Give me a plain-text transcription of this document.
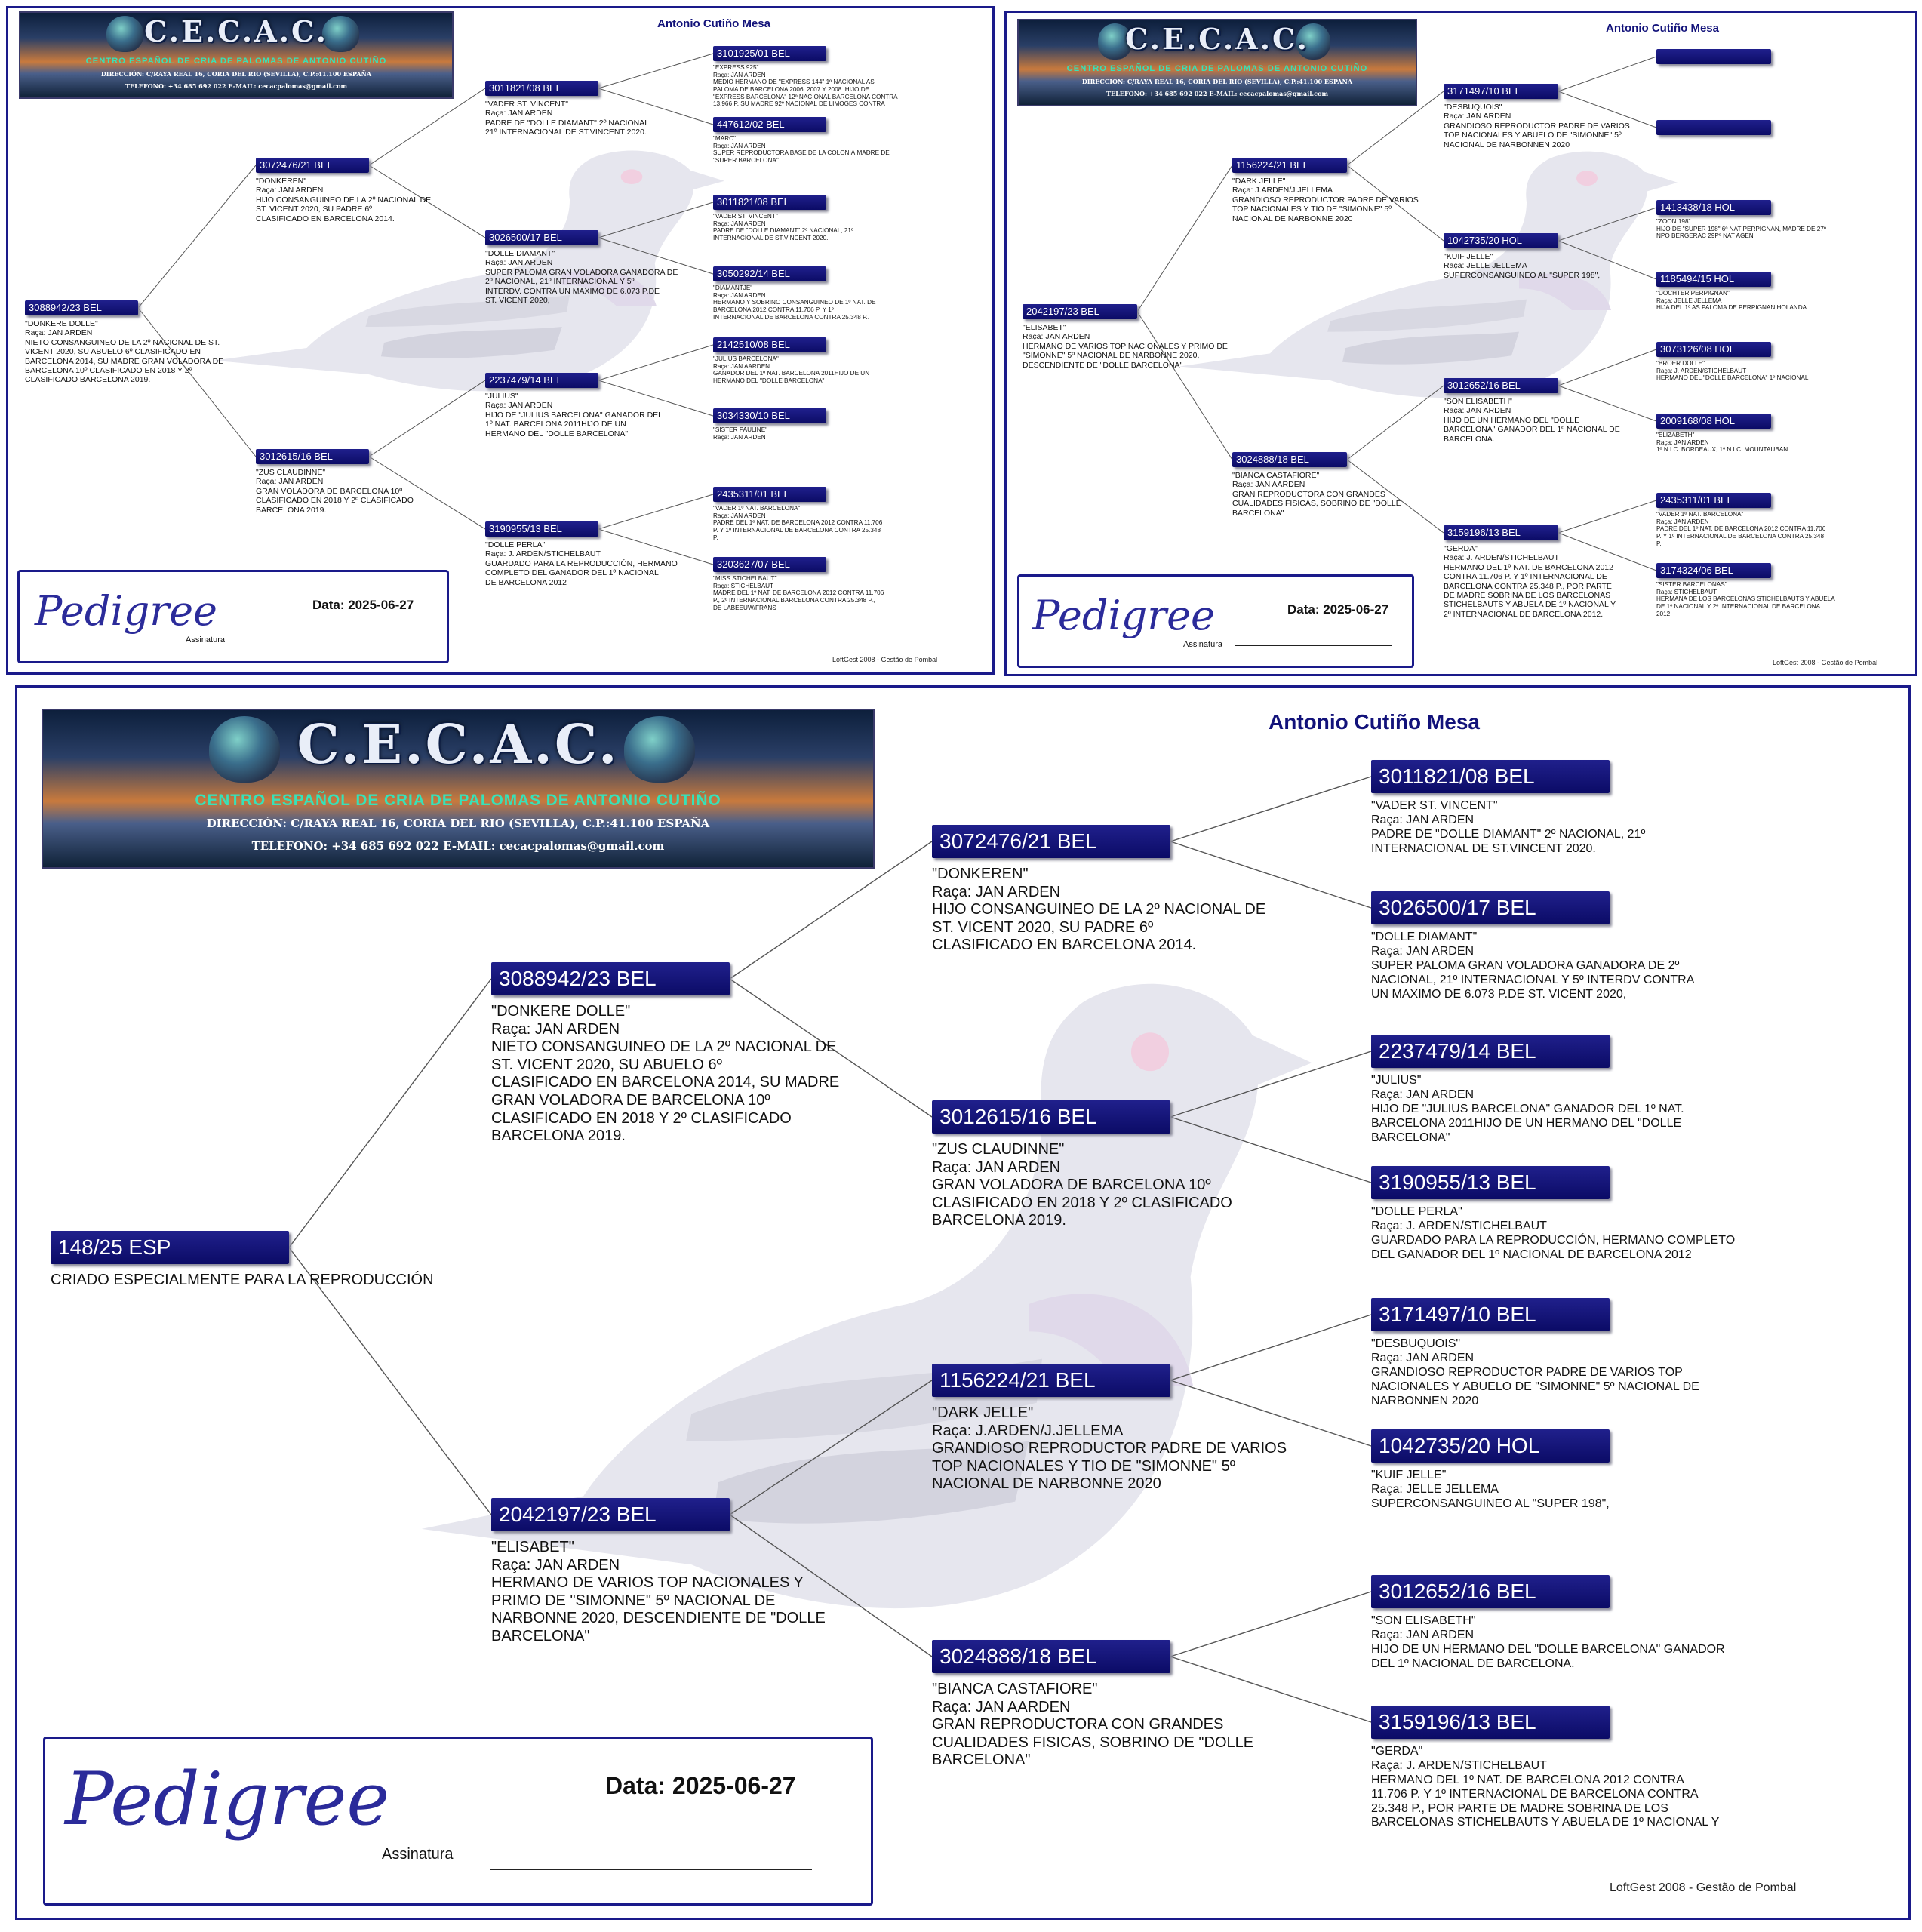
C.E.C.A.C.
CENTRO ESPAÑOL DE CRIA DE PALOMAS DE ANTONIO CUTIÑO
DIRECCIÓN: C/RAYA REAL 16, CORIA DEL RIO (SEVILLA), C.P.:41.100 ESPAÑA
TELEFONO: +34 685 692 022 E-MAIL: cecacpalomas@gmail.com
Antonio Cutiño Mesa
3088942/23 BEL
"DONKERE DOLLE"
Raça: JAN ARDEN
NIETO CONSANGUINEO DE LA 2º NACIONAL DE ST.
VICENT 2020, SU ABUELO 6º CLASIFICADO EN
BARCELONA 2014, SU MADRE GRAN VOLADORA DE
BARCELONA 10º CLASIFICADO EN 2018 Y 2º
CLASIFICADO BARCELONA 2019.
3072476/21 BEL
"DONKEREN"
Raça: JAN ARDEN
HIJO CONSANGUINEO DE LA 2º NACIONAL DE
ST. VICENT 2020, SU PADRE 6º
CLASIFICADO EN BARCELONA 2014.
3012615/16 BEL
"ZUS CLAUDINNE"
Raça: JAN ARDEN
GRAN VOLADORA DE BARCELONA 10º
CLASIFICADO EN 2018 Y 2º CLASIFICADO
BARCELONA 2019.
3011821/08 BEL
"VADER ST. VINCENT"
Raça: JAN ARDEN
PADRE DE "DOLLE DIAMANT" 2º NACIONAL,
21º INTERNACIONAL DE ST.VINCENT 2020.
3026500/17 BEL
"DOLLE DIAMANT"
Raça: JAN ARDEN
SUPER PALOMA GRAN VOLADORA GANADORA DE
2º NACIONAL, 21º INTERNACIONAL Y 5º
INTERDV. CONTRA UN MAXIMO DE 6.073 P.DE
ST. VICENT 2020,
2237479/14 BEL
"JULIUS"
Raça: JAN ARDEN
HIJO DE "JULIUS BARCELONA" GANADOR DEL
1º NAT. BARCELONA 2011HIJO DE UN
HERMANO DEL "DOLLE BARCELONA"
3190955/13 BEL
"DOLLE PERLA"
Raça: J. ARDEN/STICHELBAUT
GUARDADO PARA LA REPRODUCCIÓN, HERMANO
COMPLETO DEL GANADOR DEL 1º NACIONAL
DE BARCELONA 2012
3101925/01 BEL
"EXPRESS 925"
Raça: JAN ARDEN
MEDIO HERMANO DE "EXPRESS 144" 1º NACIONAL AS
PALOMA DE BARCELONA 2006, 2007 Y 2008. HIJO DE
"EXPRESS BARCELONA" 12º NACIONAL BARCELONA CONTRA
13.966 P. SU MADRE 92º NACIONAL DE LIMOGES CONTRA
447612/02 BEL
"MARC"
Raça: JAN ARDEN
SUPER REPRODUCTORA BASE DE LA COLONIA.MADRE DE
"SUPER BARCELONA"
3011821/08 BEL
"VADER ST. VINCENT"
Raça: JAN ARDEN
PADRE DE "DOLLE DIAMANT" 2º NACIONAL, 21º
INTERNACIONAL DE ST.VINCENT 2020.
3050292/14 BEL
"DIAMANTJE"
Raça: JAN ARDEN
HERMANO Y SOBRINO CONSANGUINEO DE 1º NAT. DE
BARCELONA 2012 CONTRA 11.706 P. Y 1º
INTERNACIONAL DE BARCELONA CONTRA 25.348 P..
2142510/08 BEL
"JULIUS BARCELONA"
Raça: JAN AARDEN
GANADOR DEL 1º NAT. BARCELONA 2011HIJO DE UN
HERMANO DEL "DOLLE BARCELONA"
3034330/10 BEL
"SISTER PAULINE"
Raça: JAN ARDEN
2435311/01 BEL
"VADER 1º NAT. BARCELONA"
Raça: JAN ARDEN
PADRE DEL 1º NAT. DE BARCELONA 2012 CONTRA 11.706
P. Y 1º INTERNACIONAL DE BARCELONA CONTRA 25.348
P.
3203627/07 BEL
"MISS STICHELBAUT"
Raça: STICHELBAUT
MADRE DEL 1º NAT. DE BARCELONA 2012 CONTRA 11.706
P., 2º INTERNACIONAL BARCELONA CONTRA 25.348 P.,
DE LABEEUW/FRANS
Pedigree	Data: 2025-06-27
Assinatura
LoftGest 2008 - Gestão de Pombal
C.E.C.A.C.
CENTRO ESPAÑOL DE CRIA DE PALOMAS DE ANTONIO CUTIÑO
DIRECCIÓN: C/RAYA REAL 16, CORIA DEL RIO (SEVILLA), C.P.:41.100 ESPAÑA
TELEFONO: +34 685 692 022 E-MAIL: cecacpalomas@gmail.com
Antonio Cutiño Mesa
2042197/23 BEL
"ELISABET"
Raça: JAN ARDEN
HERMANO DE VARIOS TOP NACIONALES Y PRIMO DE
"SIMONNE" 5º NACIONAL DE NARBONNE 2020,
DESCENDIENTE DE "DOLLE BARCELONA"
1156224/21 BEL
"DARK JELLE"
Raça: J.ARDEN/J.JELLEMA
GRANDIOSO REPRODUCTOR PADRE DE VARIOS
TOP NACIONALES Y TIO DE "SIMONNE" 5º
NACIONAL DE NARBONNE 2020
3024888/18 BEL
"BIANCA CASTAFIORE"
Raça: JAN AARDEN
GRAN REPRODUCTORA CON GRANDES
CUALIDADES FISICAS, SOBRINO DE "DOLLE
BARCELONA"
3171497/10 BEL
"DESBUQUOIS"
Raça: JAN ARDEN
GRANDIOSO REPRODUCTOR PADRE DE VARIOS
TOP NACIONALES Y ABUELO DE "SIMONNE" 5º
NACIONAL DE NARBONNEN 2020
1042735/20 HOL
"KUIF JELLE"
Raça: JELLE JELLEMA
SUPERCONSANGUINEO AL "SUPER 198",
3012652/16 BEL
"SON ELISABETH"
Raça: JAN ARDEN
HIJO DE UN HERMANO DEL "DOLLE
BARCELONA" GANADOR DEL 1º NACIONAL DE
BARCELONA.
3159196/13 BEL
"GERDA"
Raça: J. ARDEN/STICHELBAUT
HERMANO DEL 1º NAT. DE BARCELONA 2012
CONTRA 11.706 P. Y 1º INTERNACIONAL DE
BARCELONA CONTRA 25.348 P., POR PARTE
DE MADRE SOBRINA DE LOS BARCELONAS
STICHELBAUTS Y ABUELA DE 1º NACIONAL Y
2º INTERNACIONAL DE BARCELONA 2012.
1413438/18 HOL
"ZOON 198"
HIJO DE "SUPER 198" 6º NAT PERPIGNAN, MADRE DE 27º
NPO BERGERAC 29Pº NAT AGEN
1185494/15 HOL
"DOCHTER PERPIGNAN"
Raça: JELLE JELLEMA
HIJA DEL 1º AS PALOMA DE PERPIGNAN HOLANDA
3073126/08 HOL
"BROER DOLLE"
Raça: J. ARDEN/STICHELBAUT
HERMANO DEL "DOLLE BARCELONA" 1º NACIONAL
2009168/08 HOL
"ELIZABETH"
Raça: JAN ARDEN
1º N.I.C. BORDEAUX, 1º N.I.C. MOUNTAUBAN
2435311/01 BEL
"VADER 1º NAT. BARCELONA"
Raça: JAN ARDEN
PADRE DEL 1º NAT. DE BARCELONA 2012 CONTRA 11.706
P. Y 1º INTERNACIONAL DE BARCELONA CONTRA 25.348
P.
3174324/06 BEL
"SISTER BARCELONAS"
Raça: STICHELBAUT
HERMANA DE LOS BARCELONAS STICHELBAUTS Y ABUELA
DE 1º NACIONAL Y 2º INTERNACIONAL DE BARCELONA
2012.
Pedigree	Data: 2025-06-27
Assinatura
LoftGest 2008 - Gestão de Pombal
C.E.C.A.C.
CENTRO ESPAÑOL DE CRIA DE PALOMAS DE ANTONIO CUTIÑO
DIRECCIÓN: C/RAYA REAL 16, CORIA DEL RIO (SEVILLA), C.P.:41.100 ESPAÑA
TELEFONO: +34 685 692 022 E-MAIL: cecacpalomas@gmail.com
Antonio Cutiño Mesa
148/25 ESP
CRIADO ESPECIALMENTE PARA LA REPRODUCCIÓN
3088942/23 BEL
"DONKERE DOLLE"
Raça: JAN ARDEN
NIETO CONSANGUINEO DE LA 2º NACIONAL DE
ST. VICENT 2020, SU ABUELO 6º
CLASIFICADO EN BARCELONA 2014, SU MADRE
GRAN VOLADORA DE BARCELONA 10º
CLASIFICADO EN 2018 Y 2º CLASIFICADO
BARCELONA 2019.
2042197/23 BEL
"ELISABET"
Raça: JAN ARDEN
HERMANO DE VARIOS TOP NACIONALES Y
PRIMO DE "SIMONNE" 5º NACIONAL DE
NARBONNE 2020, DESCENDIENTE DE "DOLLE
BARCELONA"
3072476/21 BEL
"DONKEREN"
Raça: JAN ARDEN
HIJO CONSANGUINEO DE LA 2º NACIONAL DE
ST. VICENT 2020, SU PADRE 6º
CLASIFICADO EN BARCELONA 2014.
3012615/16 BEL
"ZUS CLAUDINNE"
Raça: JAN ARDEN
GRAN VOLADORA DE BARCELONA 10º
CLASIFICADO EN 2018 Y 2º CLASIFICADO
BARCELONA 2019.
1156224/21 BEL
"DARK JELLE"
Raça: J.ARDEN/J.JELLEMA
GRANDIOSO REPRODUCTOR PADRE DE VARIOS
TOP NACIONALES Y TIO DE "SIMONNE" 5º
NACIONAL DE NARBONNE 2020
3024888/18 BEL
"BIANCA CASTAFIORE"
Raça: JAN AARDEN
GRAN REPRODUCTORA CON GRANDES
CUALIDADES FISICAS, SOBRINO DE "DOLLE
BARCELONA"
3011821/08 BEL
"VADER ST. VINCENT"
Raça: JAN ARDEN
PADRE DE "DOLLE DIAMANT" 2º NACIONAL, 21º
INTERNACIONAL DE ST.VINCENT 2020.
3026500/17 BEL
"DOLLE DIAMANT"
Raça: JAN ARDEN
SUPER PALOMA GRAN VOLADORA GANADORA DE 2º
NACIONAL, 21º INTERNACIONAL Y 5º INTERDV CONTRA
UN MAXIMO DE 6.073 P.DE ST. VICENT 2020,
2237479/14 BEL
"JULIUS"
Raça: JAN ARDEN
HIJO DE "JULIUS BARCELONA" GANADOR DEL 1º NAT.
BARCELONA 2011HIJO DE UN HERMANO DEL "DOLLE
BARCELONA"
3190955/13 BEL
"DOLLE PERLA"
Raça: J. ARDEN/STICHELBAUT
GUARDADO PARA LA REPRODUCCIÓN, HERMANO COMPLETO
DEL GANADOR DEL 1º NACIONAL DE BARCELONA 2012
3171497/10 BEL
"DESBUQUOIS"
Raça: JAN ARDEN
GRANDIOSO REPRODUCTOR PADRE DE VARIOS TOP
NACIONALES Y ABUELO DE "SIMONNE" 5º NACIONAL DE
NARBONNEN 2020
1042735/20 HOL
"KUIF JELLE"
Raça: JELLE JELLEMA
SUPERCONSANGUINEO AL "SUPER 198",
3012652/16 BEL
"SON ELISABETH"
Raça: JAN ARDEN
HIJO DE UN HERMANO DEL "DOLLE BARCELONA" GANADOR
DEL 1º NACIONAL DE BARCELONA.
3159196/13 BEL
"GERDA"
Raça: J. ARDEN/STICHELBAUT
HERMANO DEL 1º NAT. DE BARCELONA 2012 CONTRA
11.706 P. Y 1º INTERNACIONAL DE BARCELONA CONTRA
25.348 P., POR PARTE DE MADRE SOBRINA DE LOS
BARCELONAS STICHELBAUTS Y ABUELA DE 1º NACIONAL Y
Pedigree	Data: 2025-06-27
Assinatura
LoftGest 2008 - Gestão de Pombal
